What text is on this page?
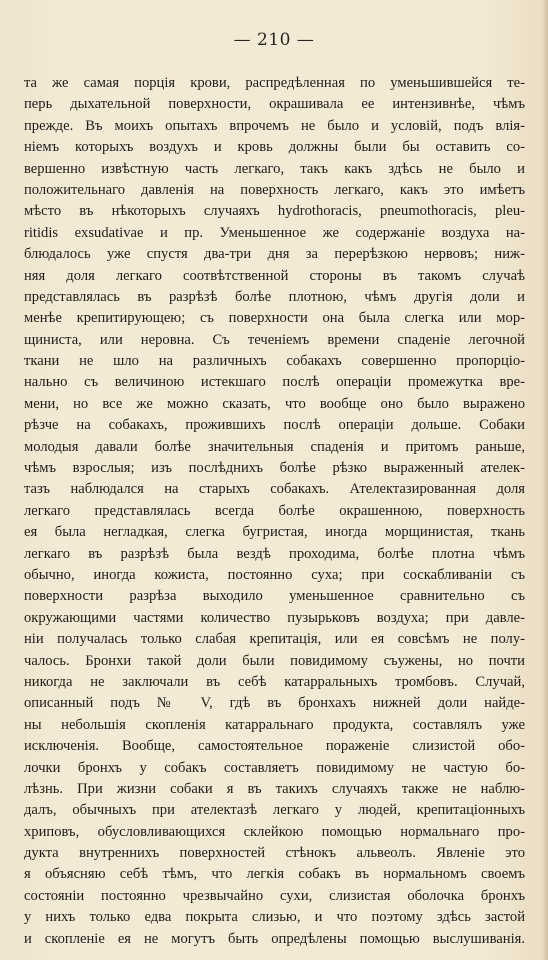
— 210 —
та же самая порція крови, распредѣленная по уменьшившейся те-
перь дыхательной поверхности, окрашивала ее интензивнѣе, чѣмъ
прежде. Въ моихъ опытахъ впрочемъ не было и условій, подъ влія-
ніемъ которыхъ воздухъ и кровь должны были бы оставить со-
вершенно извѣстную часть легкаго, такъ какъ здѣсь не было и
положительнаго давленія на поверхность легкаго, какъ это имѣетъ
мѣсто въ нѣкоторыхъ случаяхъ hydrothoracis, pneumothoracis, pleu-
ritidis exsudativae и пр. Уменьшенное же содержаніе воздуха на-
блюдалось уже спустя два-три дня за перерѣзкою нервовъ; ниж-
няя доля легкаго соотвѣтственной стороны въ такомъ случаѣ
представлялась въ разрѣзѣ болѣе плотною, чѣмъ другія доли и
менѣе крепитирующею; съ поверхности она была слегка или мор-
щиниста, или неровна. Съ теченіемъ времени спаденіе легочной
ткани не шло на различныхъ собакахъ совершенно пропорціо-
нально съ величиною истекшаго послѣ операціи промежутка вре-
мени, но все же можно сказать, что вообще оно было выражено
рѣзче на собакахъ, прожившихъ послѣ операціи дольше. Собаки
молодыя давали болѣе значительныя спаденія и притомъ раньше,
чѣмъ взрослыя; изъ послѣднихъ болѣе рѣзко выраженный ателек-
тазъ наблюдался на старыхъ собакахъ. Ателектазированная доля
легкаго представлялась всегда болѣе окрашенною, поверхность
ея была негладкая, слегка бугристая, иногда морщинистая, ткань
легкаго въ разрѣзѣ была вездѣ проходима, болѣе плотна чѣмъ
обычно, иногда кожиста, постоянно суха; при соскабливаніи съ
поверхности разрѣза выходило уменьшенное сравнительно съ
окружающими частями количество пузырьковъ воздуха; при давле-
ніи получалась только слабая крепитація, или ея совсѣмъ не полу-
чалось. Бронхи такой доли были повидимому съужены, но почти
никогда не заключали въ себѣ катарральныхъ тромбовъ. Случай,
описанный подъ № V, гдѣ въ бронхахъ нижней доли найде-
ны небольшія скопленія катарральнаго продукта, составлялъ уже
исключенія. Вообще, самостоятельное пораженіе слизистой обо-
лочки бронхъ у собакъ составляетъ повидимому не частую бо-
лѣзнь. При жизни собаки я въ такихъ случаяхъ также не наблю-
далъ, обычныхъ при ателектазѣ легкаго у людей, крепитаціонныхъ
хриповъ, обусловливающихся склейкою помощью нормальнаго про-
дукта внутреннихъ поверхностей стѣнокъ альвеолъ. Явленіе это
я объясняю себѣ тѣмъ, что легкія собакъ въ нормальномъ своемъ
состояніи постоянно чрезвычайно сухи, слизистая оболочка бронхъ
у нихъ только едва покрыта слизью, и что поэтому здѣсь застой
и скопленіе ея не могутъ быть опредѣлены помощью выслушиванія.
